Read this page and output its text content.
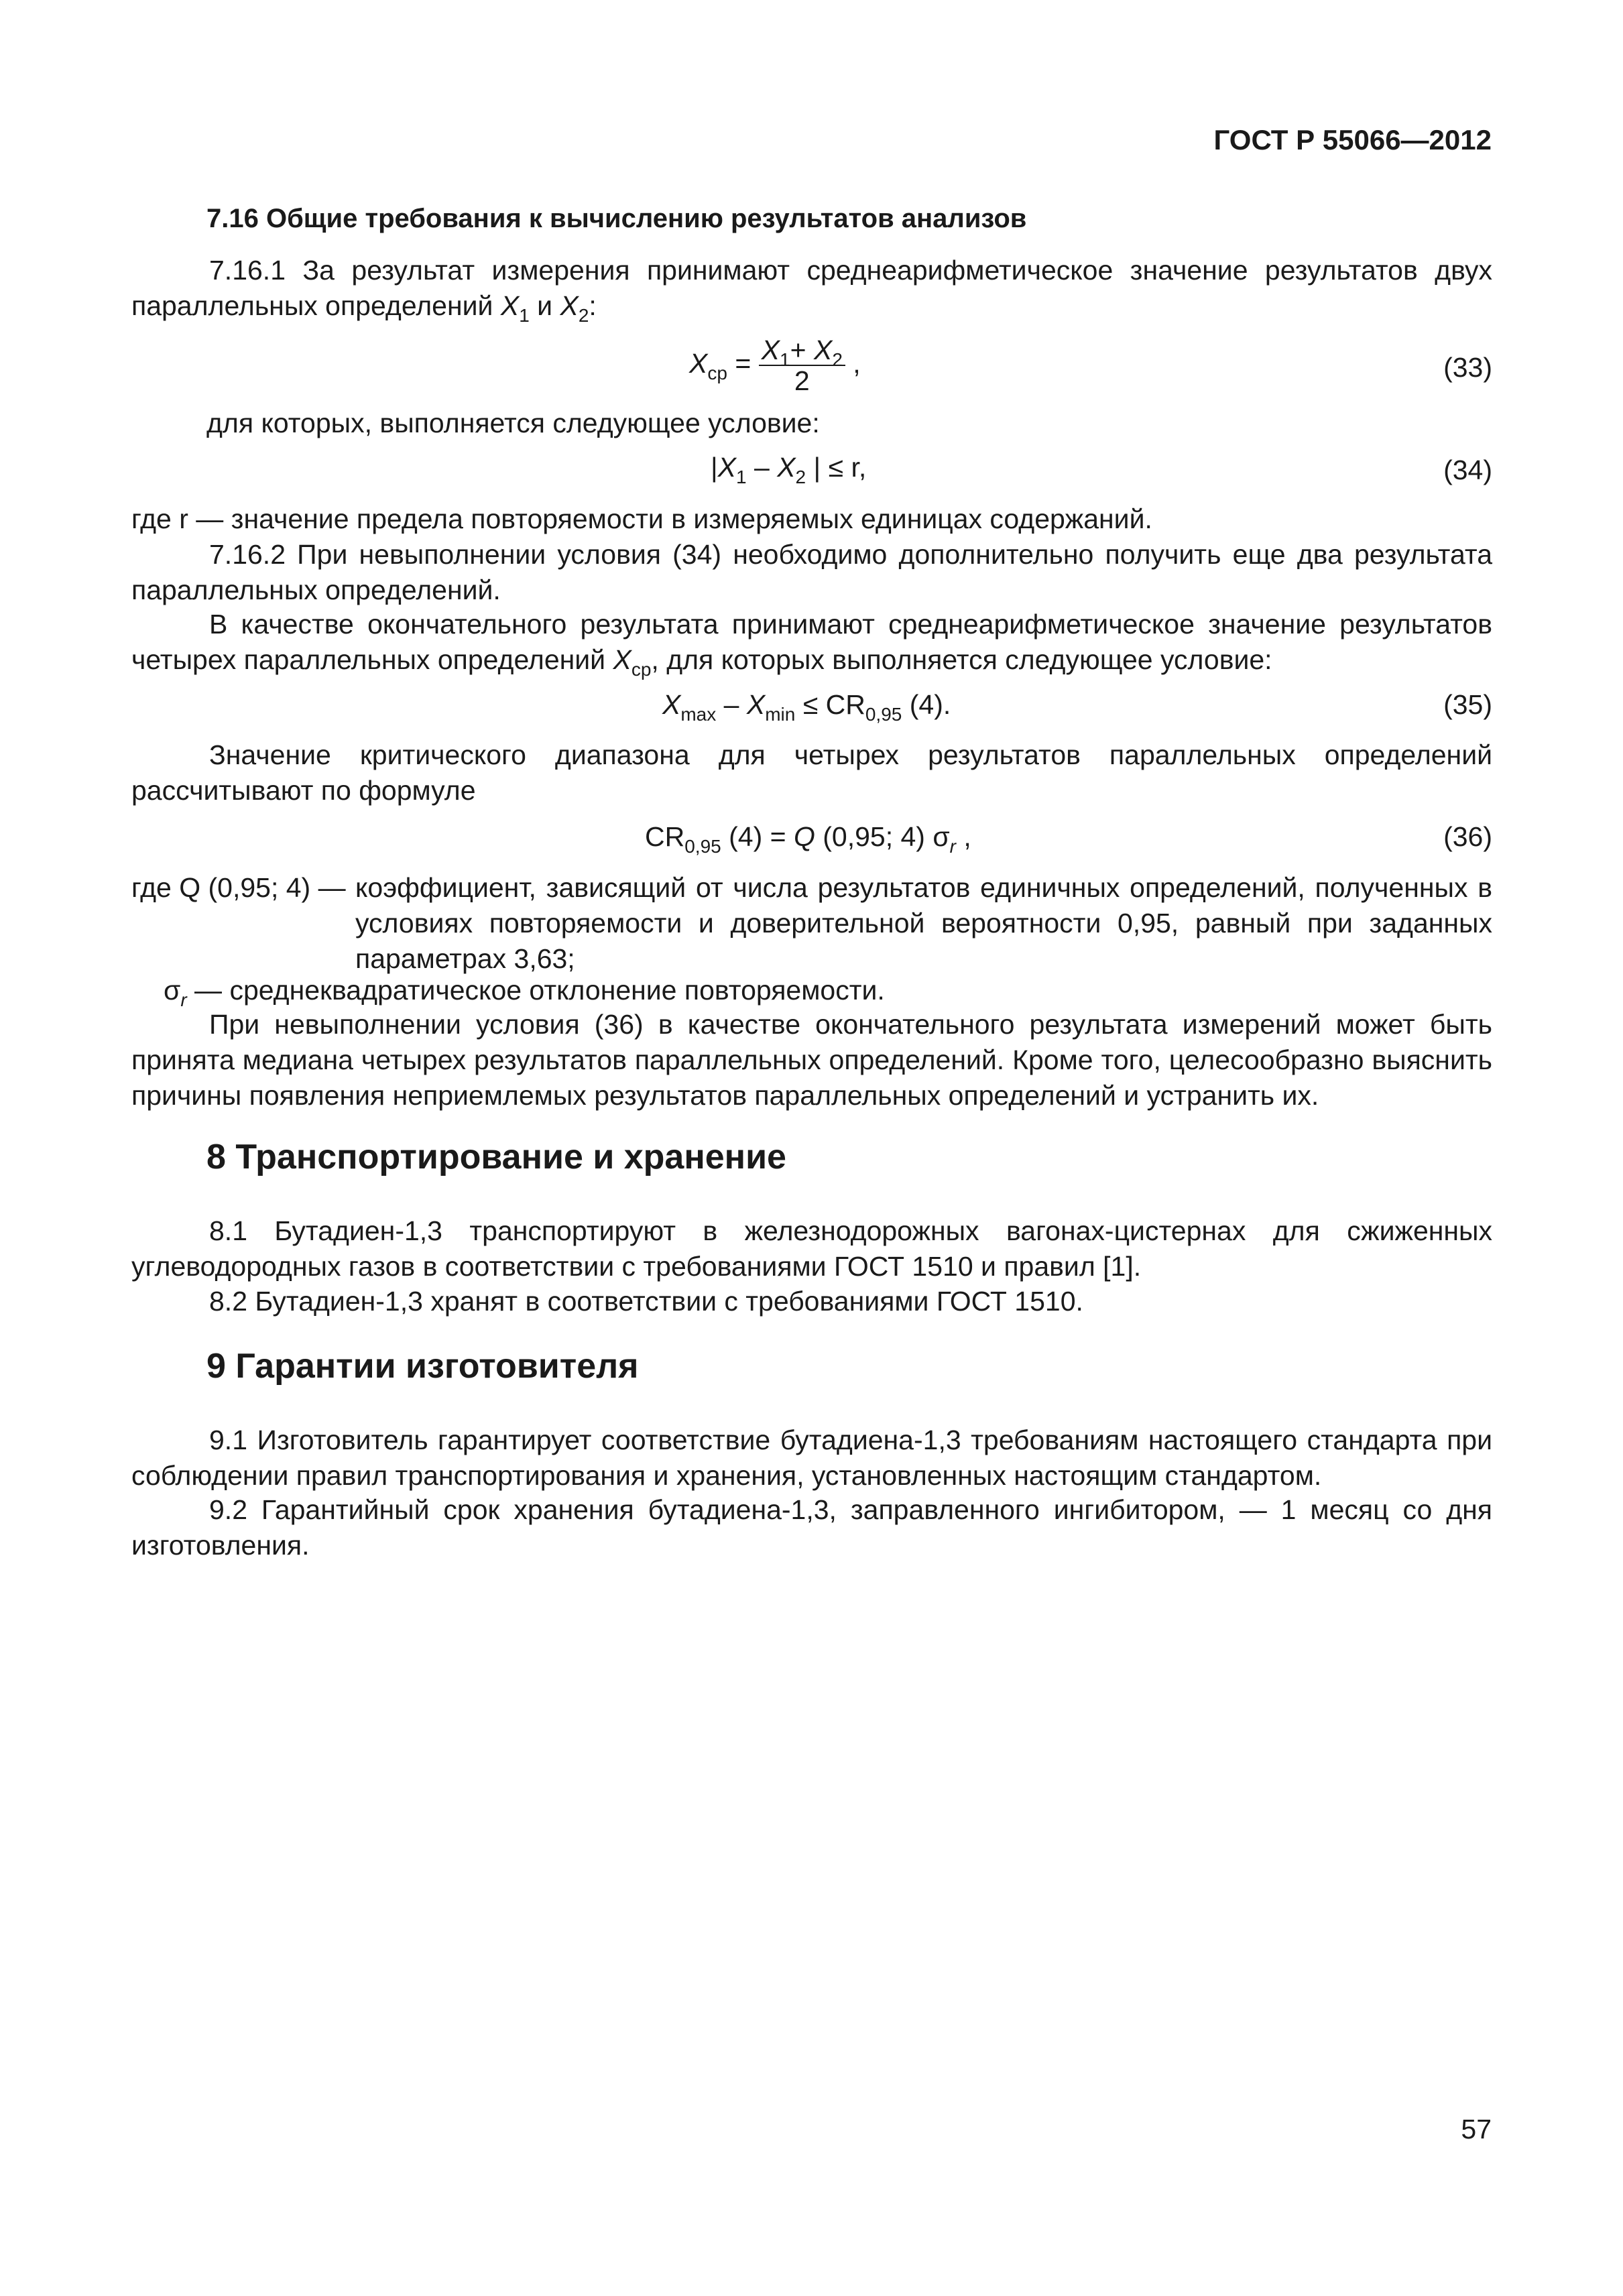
ГОСТ Р 55066—2012
7.16 Общие требования к вычислению результатов анализов
7.16.1 За результат измерения принимают среднеарифметическое значение результатов двух параллельных определений $X_1$ и $X_2$:
$X_{ср} = \frac{X_1+ X_2}{2}$ ,	(33)
для которых, выполняется следующее условие:
$|X_1 - X_2$ | ≤ r,	(34)
где r — значение предела повторяемости в измеряемых единицах содержаний.
7.16.2 При невыполнении условия (34) необходимо дополнительно получить еще два результата параллельных определений.
В качестве окончательного результата принимают среднеарифметическое значение результатов четырех параллельных определений $X_{ср}$, для которых выполняется следующее условие:
$X_{max} - X_{min} \le CR_{0,95}$ (4).	(35)
Значение критического диапазона для четырех результатов параллельных определений рассчитывают по формуле
$CR_{0,95}$ (4) = Q (0,95; 4) $\sigma_r$ ,	(36)
где Q (0,95; 4) — коэффициент, зависящий от числа результатов единичных определений, полученных в условиях повторяемости и доверительной вероятности 0,95, равный при заданных параметрах 3,63;
$\sigma_r$ — среднеквадратическое отклонение повторяемости.
При невыполнении условия (36) в качестве окончательного результата измерений может быть принята медиана четырех результатов параллельных определений. Кроме того, целесообразно выяснить причины появления неприемлемых результатов параллельных определений и устранить их.
8 Транспортирование и хранение
8.1 Бутадиен-1,3 транспортируют в железнодорожных вагонах-цистернах для сжиженных углеводородных газов в соответствии с требованиями ГОСТ 1510 и правил [1].
8.2 Бутадиен-1,3 хранят в соответствии с требованиями ГОСТ 1510.
9 Гарантии изготовителя
9.1 Изготовитель гарантирует соответствие бутадиена-1,3 требованиям настоящего стандарта при соблюдении правил транспортирования и хранения, установленных настоящим стандартом.
9.2 Гарантийный срок хранения бутадиена-1,3, заправленного ингибитором, — 1 месяц со дня изготовления.
57
